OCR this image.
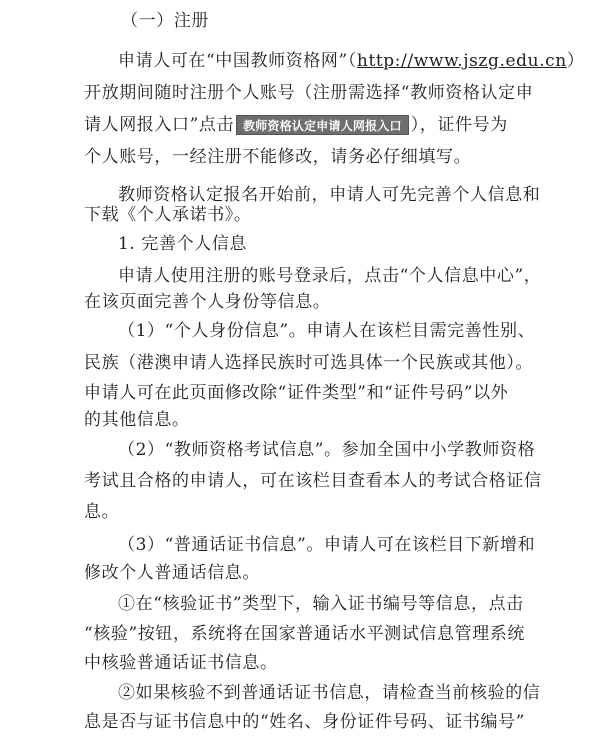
（一）注册
申请人可在“中国教师资格网”（http://www.jszg.edu.cn）
开放期间随时注册个人账号（注册需选择“教师资格认定申
请人网报入口”点击 教师资格认定申请人网报入口 ），证件号为
个人账号，一经注册不能修改，请务必仔细填写。
教师资格认定报名开始前，申请人可先完善个人信息和
下载《个人承诺书》。
1. 完善个人信息
申请人使用注册的账号登录后，点击“个人信息中心”，
在该页面完善个人身份等信息。
（1）“个人身份信息”。申请人在该栏目需完善性别、
民族（港澳申请人选择民族时可选具体一个民族或其他）。
申请人可在此页面修改除“证件类型”和“证件号码”以外
的其他信息。
（2）“教师资格考试信息”。参加全国中小学教师资格
考试且合格的申请人，可在该栏目查看本人的考试合格证信
息。
（3）“普通话证书信息”。申请人可在该栏目下新增和
修改个人普通话信息。
①在“核验证书”类型下，输入证书编号等信息，点击
“核验”按钮，系统将在国家普通话水平测试信息管理系统
中核验普通话证书信息。
②如果核验不到普通话证书信息，请检查当前核验的信
息是否与证书信息中的“姓名、身份证件号码、证书编号”
